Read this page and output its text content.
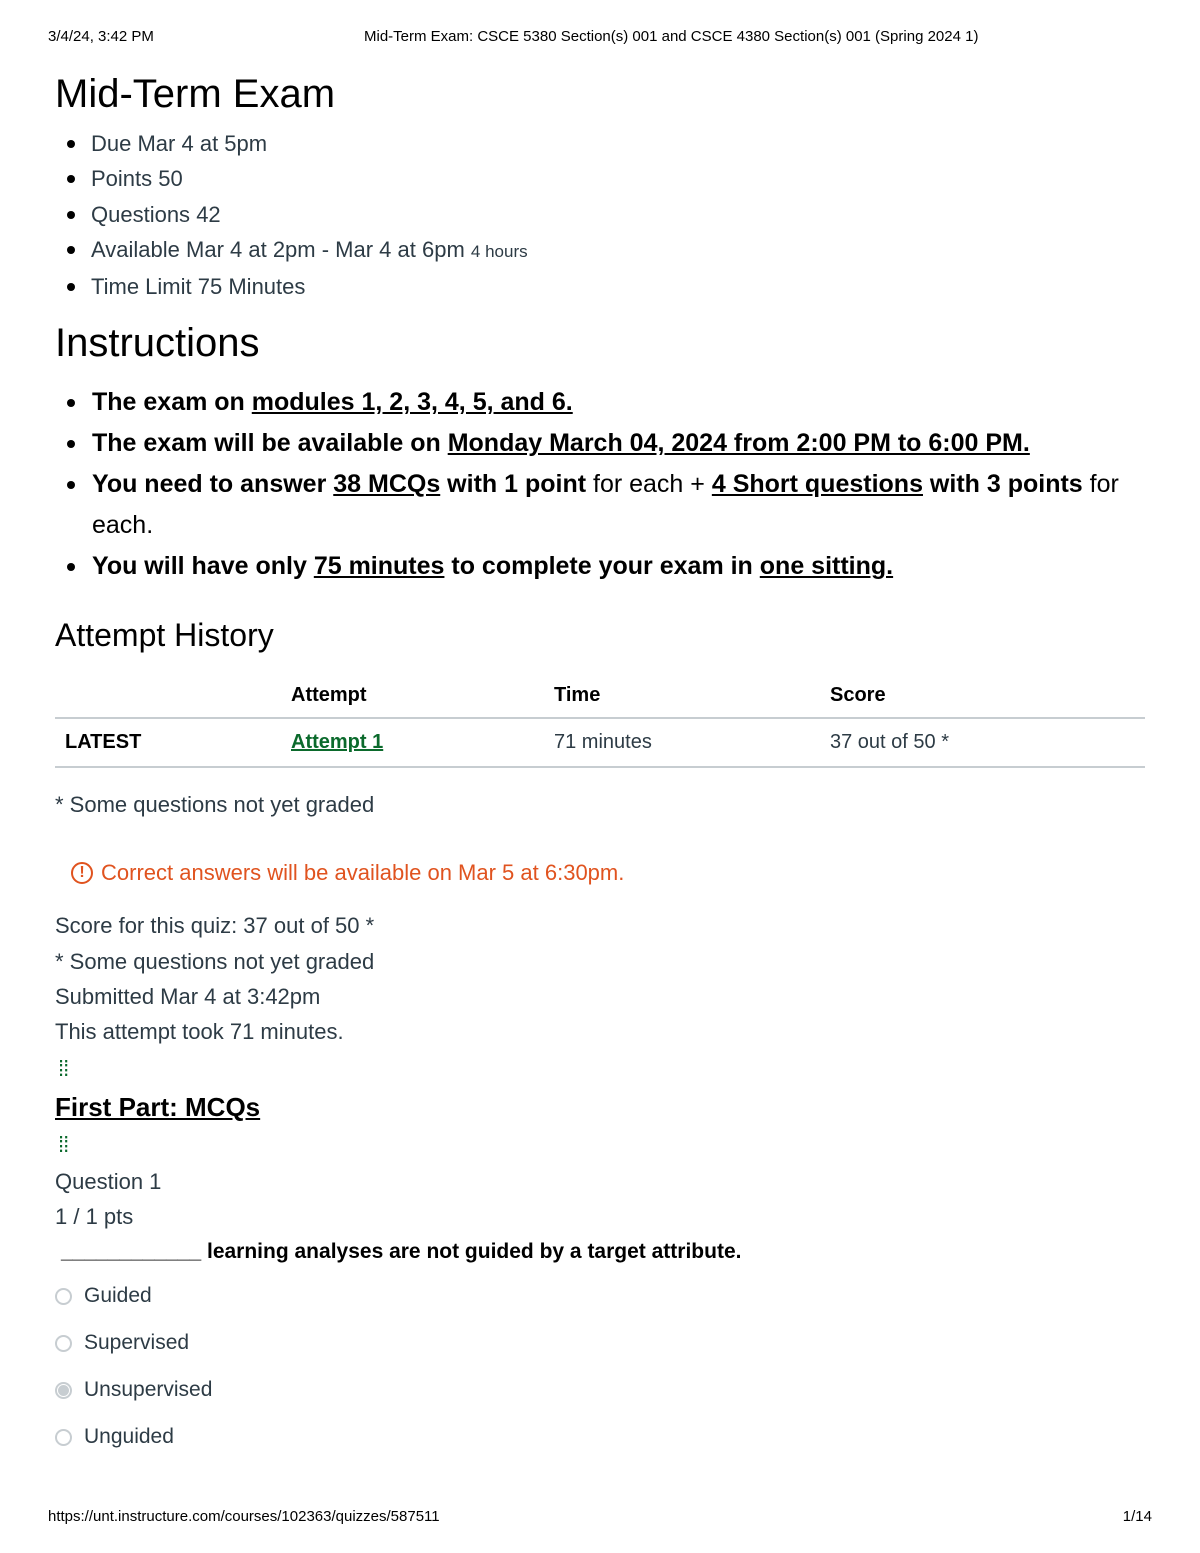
3/4/24, 3:42 PM	Mid-Term Exam: CSCE 5380 Section(s) 001 and CSCE 4380 Section(s) 001 (Spring 2024 1)
Mid-Term Exam
Due Mar 4 at 5pm
Points 50
Questions 42
Available Mar 4 at 2pm - Mar 4 at 6pm 4 hours
Time Limit 75 Minutes
Instructions
The exam on modules 1, 2, 3, 4, 5, and 6.
The exam will be available on Monday March 04, 2024 from 2:00 PM to 6:00 PM.
You need to answer 38 MCQs with 1 point for each + 4 Short questions with 3 points for each.
You will have only 75 minutes to complete your exam in one sitting.
Attempt History
	Attempt	Time	Score
LATEST	Attempt 1	71 minutes	37 out of 50 *
* Some questions not yet graded
! Correct answers will be available on Mar 5 at 6:30pm.
Score for this quiz: 37 out of 50 *
* Some questions not yet graded
Submitted Mar 4 at 3:42pm
This attempt took 71 minutes.
⁞⁞
First Part: MCQs
⁞⁞
Question 1
1 / 1 pts
____________ learning analyses are not guided by a target attribute.
Guided
Supervised
Unsupervised
Unguided
https://unt.instructure.com/courses/102363/quizzes/587511	1/14
